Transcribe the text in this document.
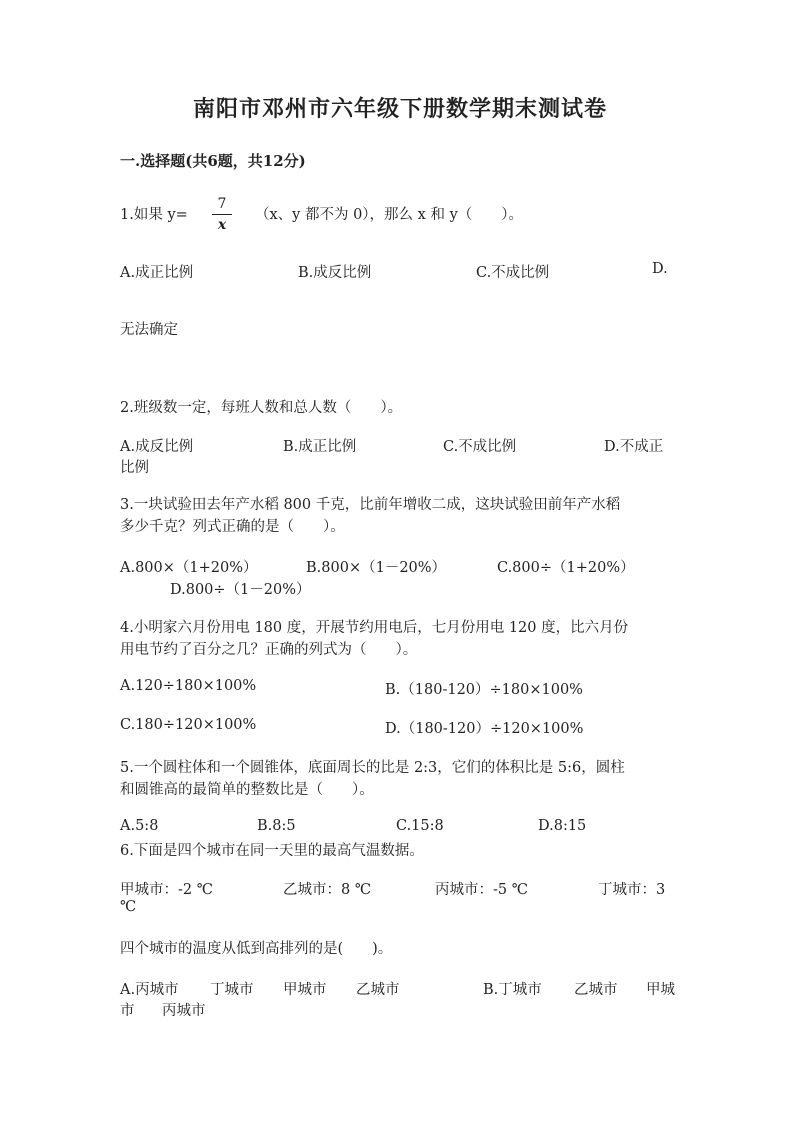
南阳市邓州市六年级下册数学期末测试卷
一.选择题(共6题，共12分)
1.如果 y=
7
x
（x、y 都不为 0），那么 x 和 y（　　）。
A.成正比例	B.成反比例	C.不成比例	D.
无法确定
2.班级数一定，每班人数和总人数（　　）。
A.成反比例	B.成正比例	C.不成比例	D.不成正
比例
3.一块试验田去年产水稻 800 千克，比前年增收二成，这块试验田前年产水稻
多少千克？列式正确的是（　　）。
A.800×（1+20%）	B.800×（1－20%）	C.800÷（1+20%）
D.800÷（1－20%）
4.小明家六月份用电 180 度，开展节约用电后，七月份用电 120 度，比六月份
用电节约了百分之几？正确的列式为（　　）。
A.120÷180×100%	B.（180-120）÷180×100%
C.180÷120×100%	D.（180-120）÷120×100%
5.一个圆柱体和一个圆锥体，底面周长的比是 2:3，它们的体积比是 5:6，圆柱
和圆锥高的最简单的整数比是（　　）。
A.5:8	B.8:5	C.15:8	D.8:15
6.下面是四个城市在同一天里的最高气温数据。
甲城市：-2 ℃	乙城市：8 ℃	丙城市：-5 ℃	丁城市：3
℃
四个城市的温度从低到高排列的是(　　)。
A.丙城市 丁城市 甲城市 乙城市	B.丁城市 乙城市 甲城
市 丙城市
